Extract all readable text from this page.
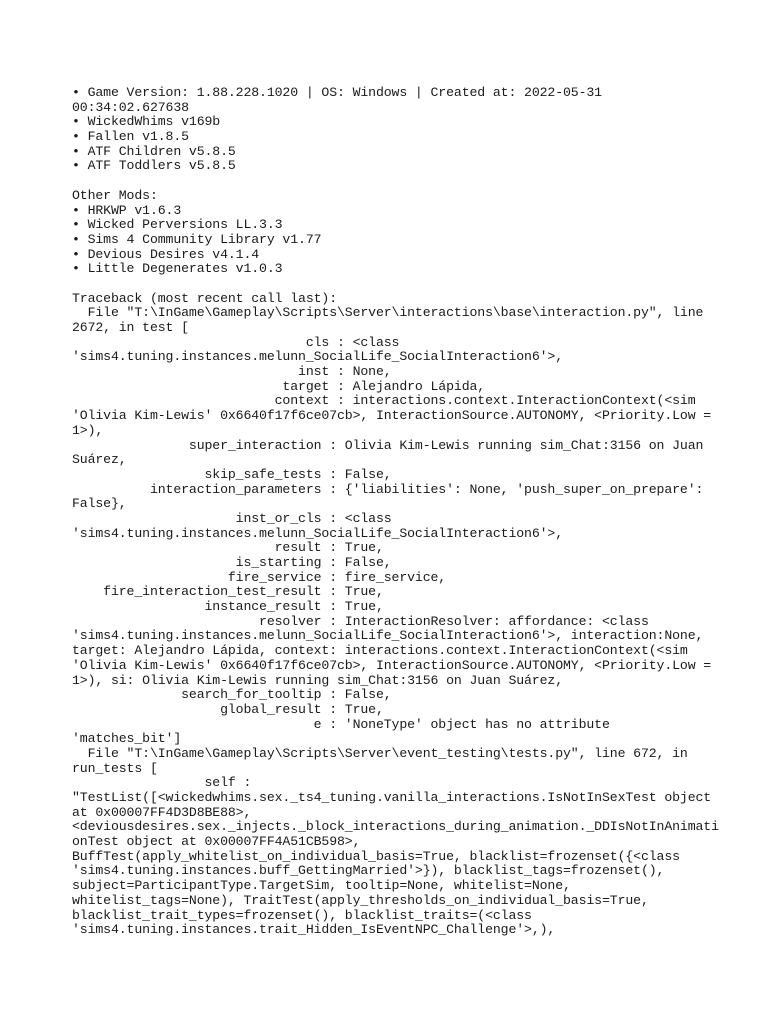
• Game Version: 1.88.228.1020 | OS: Windows | Created at: 2022-05-31
00:34:02.627638
• WickedWhims v169b
• Fallen v1.8.5
• ATF Children v5.8.5
• ATF Toddlers v5.8.5
Other Mods:
• HRKWP v1.6.3
• Wicked Perversions LL.3.3
• Sims 4 Community Library v1.77
• Devious Desires v4.1.4
• Little Degenerates v1.0.3
Traceback (most recent call last):
File "T:\InGame\Gameplay\Scripts\Server\interactions\base\interaction.py", line
2672, in test [
cls : <class
'sims4.tuning.instances.melunn_SocialLife_SocialInteraction6'>,
inst : None,
target : Alejandro Lápida,
context : interactions.context.InteractionContext(<sim
'Olivia Kim-Lewis' 0x6640f17f6ce07cb>, InteractionSource.AUTONOMY, <Priority.Low =
1>),
super_interaction : Olivia Kim-Lewis running sim_Chat:3156 on Juan
Suárez,
skip_safe_tests : False,
interaction_parameters : {'liabilities': None, 'push_super_on_prepare':
False},
inst_or_cls : <class
'sims4.tuning.instances.melunn_SocialLife_SocialInteraction6'>,
result : True,
is_starting : False,
fire_service : fire_service,
fire_interaction_test_result : True,
instance_result : True,
resolver : InteractionResolver: affordance: <class
'sims4.tuning.instances.melunn_SocialLife_SocialInteraction6'>, interaction:None,
target: Alejandro Lápida, context: interactions.context.InteractionContext(<sim
'Olivia Kim-Lewis' 0x6640f17f6ce07cb>, InteractionSource.AUTONOMY, <Priority.Low =
1>), si: Olivia Kim-Lewis running sim_Chat:3156 on Juan Suárez,
search_for_tooltip : False,
global_result : True,
e : 'NoneType' object has no attribute
'matches_bit']
File "T:\InGame\Gameplay\Scripts\Server\event_testing\tests.py", line 672, in
run_tests [
self :
"TestList([<wickedwhims.sex._ts4_tuning.vanilla_interactions.IsNotInSexTest object
at 0x00007FF4D3D8BE88>,
<deviousdesires.sex._injects._block_interactions_during_animation._DDIsNotInAnimati
onTest object at 0x00007FF4A51CB598>,
BuffTest(apply_whitelist_on_individual_basis=True, blacklist=frozenset({<class
'sims4.tuning.instances.buff_GettingMarried'>}), blacklist_tags=frozenset(),
subject=ParticipantType.TargetSim, tooltip=None, whitelist=None,
whitelist_tags=None), TraitTest(apply_thresholds_on_individual_basis=True,
blacklist_trait_types=frozenset(), blacklist_traits=(<class
'sims4.tuning.instances.trait_Hidden_IsEventNPC_Challenge'>,),
